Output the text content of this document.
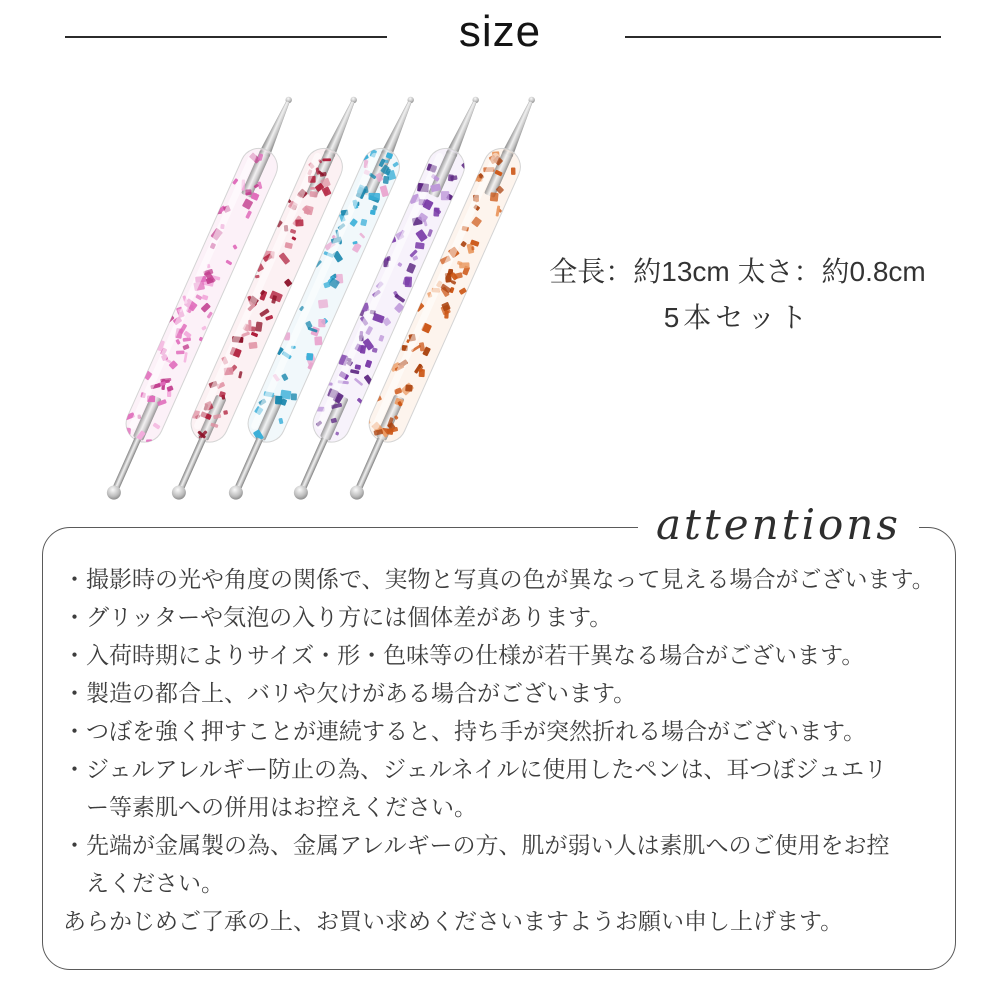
size
全長：約13cm 太さ：約0.8cm
5本セット
attentions
・ 撮影時の光や角度の関係で、実物と写真の色が異なって見える場合がございます。
・ グリッターや気泡の入り方には個体差があります。
・ 入荷時期によりサイズ・形・色味等の仕様が若干異なる場合がございます。
・ 製造の都合上、バリや欠けがある場合がございます。
・ つぼを強く押すことが連続すると、持ち手が突然折れる場合がございます。
・ ジェルアレルギー防止の為、ジェルネイルに使用したペンは、耳つぼジュエリ
ー等素肌への併用はお控えください。
・ 先端が金属製の為、金属アレルギーの方、肌が弱い人は素肌へのご使用をお控
えください。
あらかじめご了承の上、お買い求めくださいますようお願い申し上げます。
